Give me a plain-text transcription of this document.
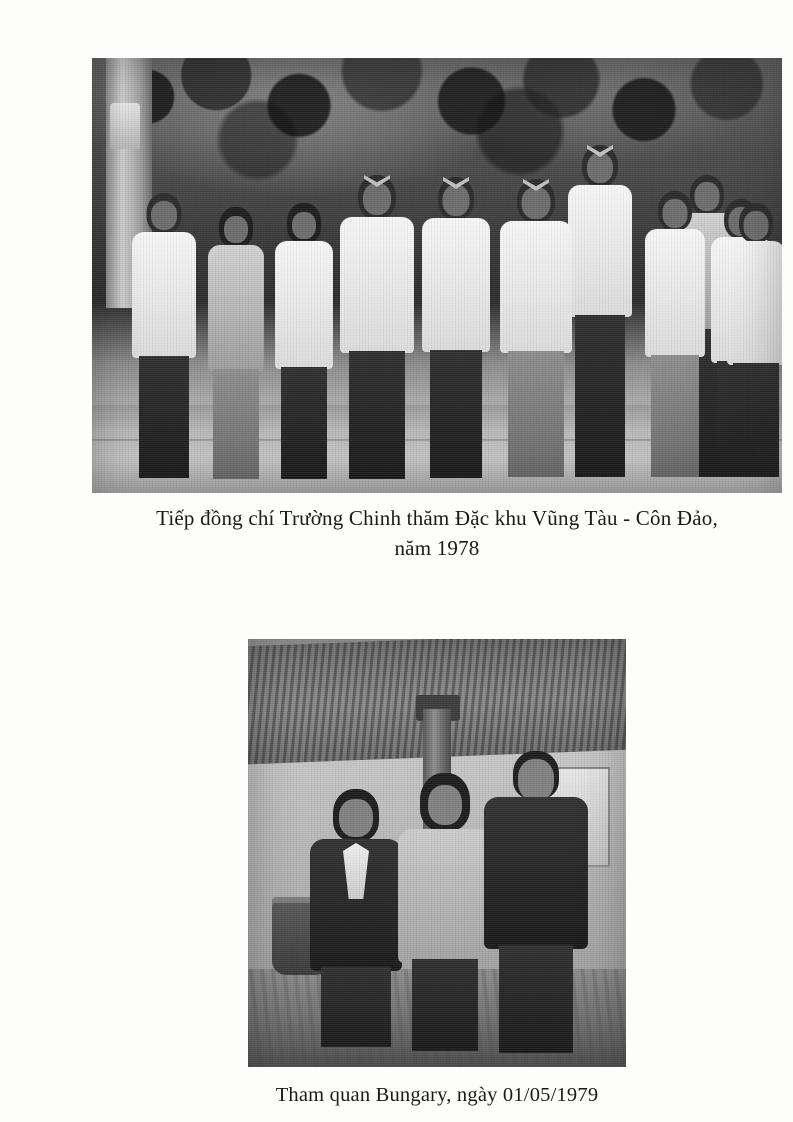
Tiếp đồng chí Trường Chinh thăm Đặc khu Vũng Tàu - Côn Đảo,
năm 1978
Tham quan Bungary, ngày 01/05/1979
